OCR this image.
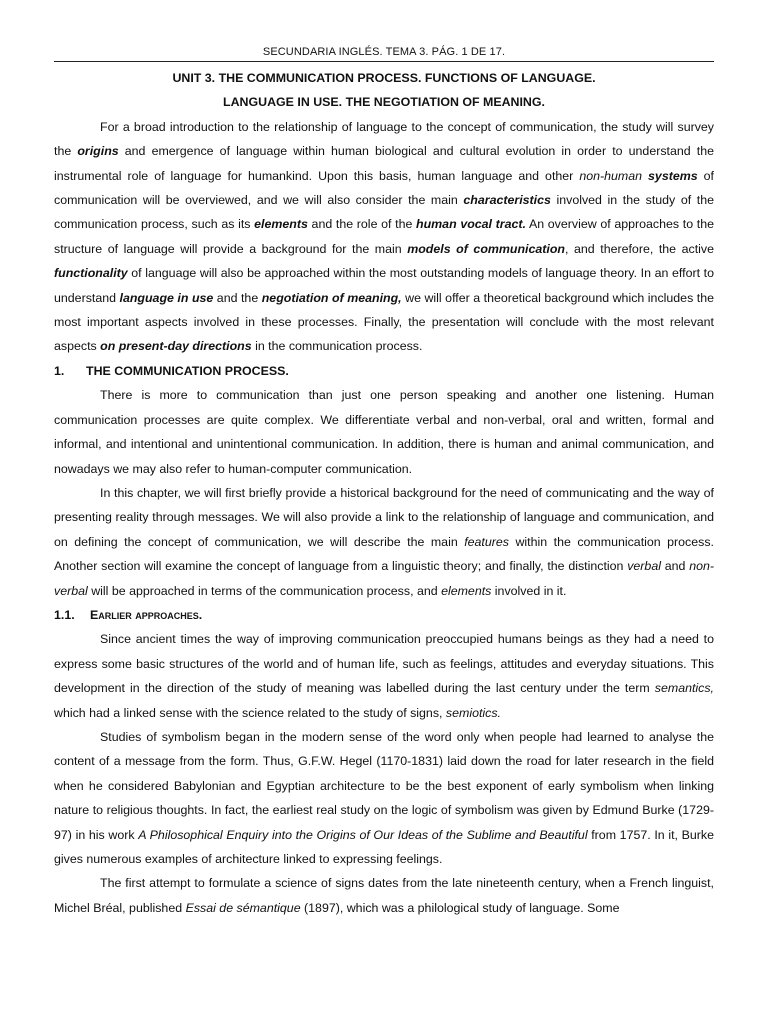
SECUNDARIA INGLÉS. TEMA 3. PÁG. 1 DE 17.
UNIT 3. THE COMMUNICATION PROCESS. FUNCTIONS OF LANGUAGE.
LANGUAGE IN USE. THE NEGOTIATION OF MEANING.

For a broad introduction to the relationship of language to the concept of communication, the study will survey the origins and emergence of language within human biological and cultural evolution in order to understand the instrumental role of language for humankind. Upon this basis, human language and other non-human systems of communication will be overviewed, and we will also consider the main characteristics involved in the study of the communication process, such as its elements and the role of the human vocal tract. An overview of approaches to the structure of language will provide a background for the main models of communication, and therefore, the active functionality of language will also be approached within the most outstanding models of language theory. In an effort to understand language in use and the negotiation of meaning, we will offer a theoretical background which includes the most important aspects involved in these processes. Finally, the presentation will conclude with the most relevant aspects on present-day directions in the communication process.

1. THE COMMUNICATION PROCESS.

There is more to communication than just one person speaking and another one listening. Human communication processes are quite complex. We differentiate verbal and non-verbal, oral and written, formal and informal, and intentional and unintentional communication. In addition, there is human and animal communication, and nowadays we may also refer to human-computer communication.

In this chapter, we will first briefly provide a historical background for the need of communicating and the way of presenting reality through messages. We will also provide a link to the relationship of language and communication, and on defining the concept of communication, we will describe the main features within the communication process. Another section will examine the concept of language from a linguistic theory; and finally, the distinction verbal and non-verbal will be approached in terms of the communication process, and elements involved in it.

1.1. Earlier approaches.

Since ancient times the way of improving communication preoccupied humans beings as they had a need to express some basic structures of the world and of human life, such as feelings, attitudes and everyday situations. This development in the direction of the study of meaning was labelled during the last century under the term semantics, which had a linked sense with the science related to the study of signs, semiotics.

Studies of symbolism began in the modern sense of the word only when people had learned to analyse the content of a message from the form. Thus, G.F.W. Hegel (1170-1831) laid down the road for later research in the field when he considered Babylonian and Egyptian architecture to be the best exponent of early symbolism when linking nature to religious thoughts. In fact, the earliest real study on the logic of symbolism was given by Edmund Burke (1729-97) in his work A Philosophical Enquiry into the Origins of Our Ideas of the Sublime and Beautiful from 1757. In it, Burke gives numerous examples of architecture linked to expressing feelings.

The first attempt to formulate a science of signs dates from the late nineteenth century, when a French linguist, Michel Bréal, published Essai de sémantique (1897), which was a philological study of language. Some
